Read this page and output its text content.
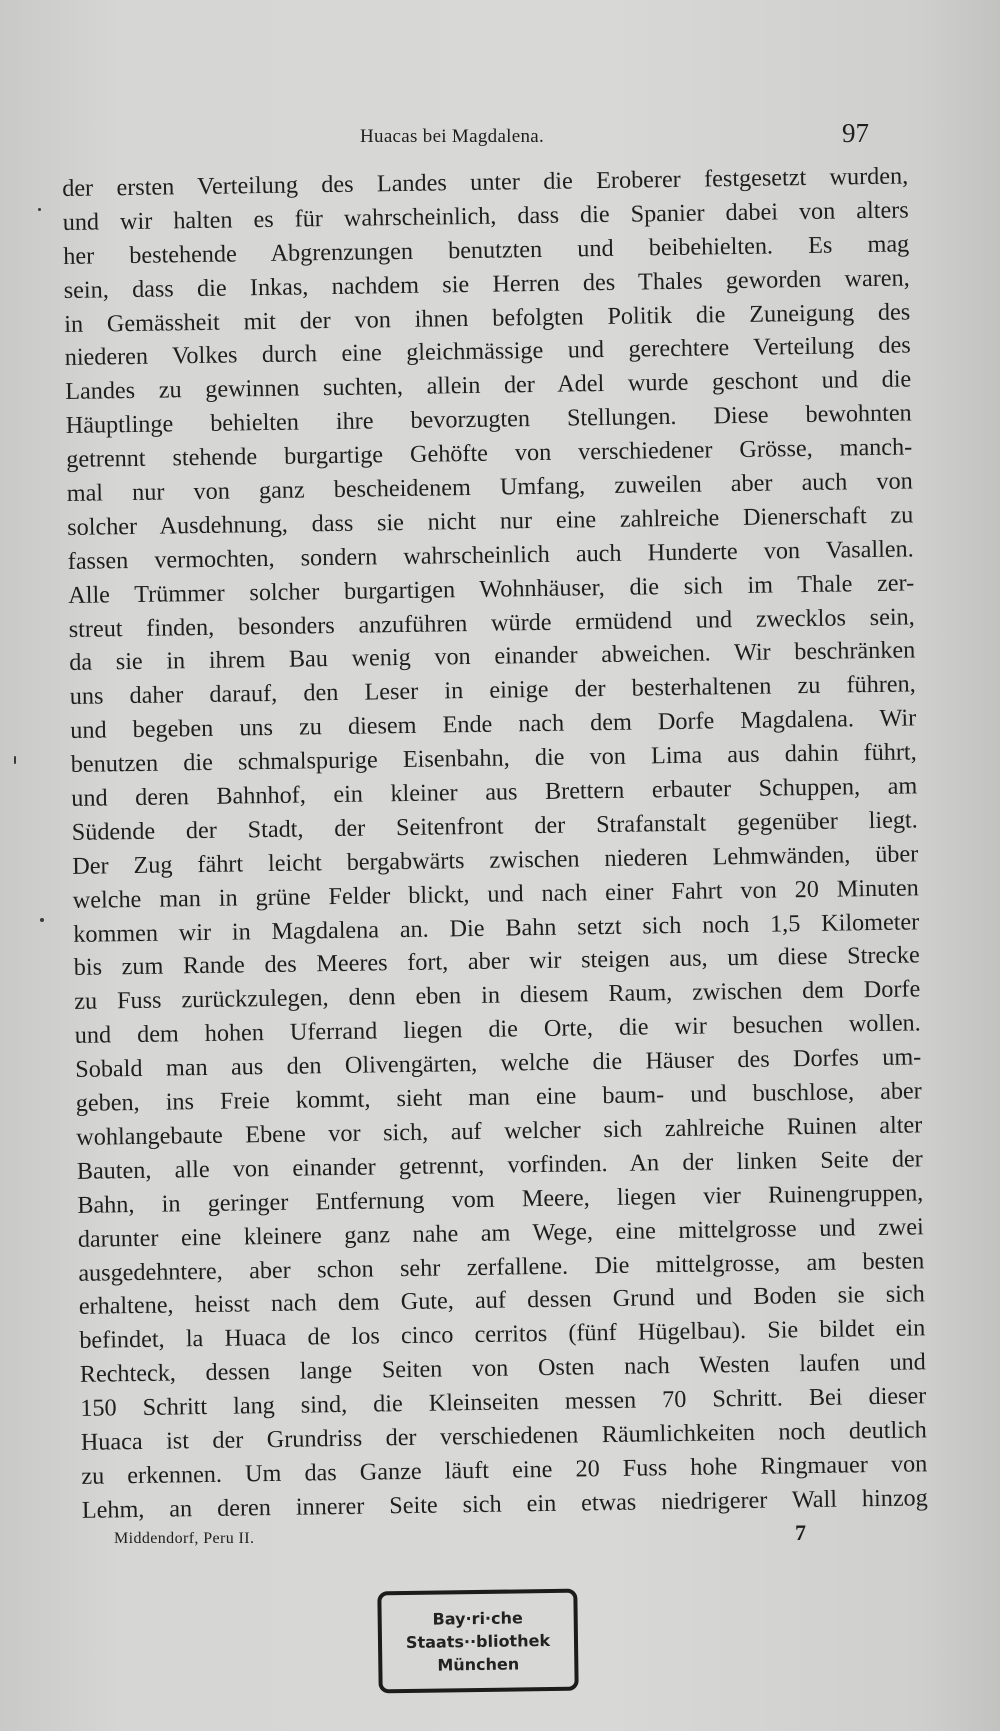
Huacas bei Magdalena.	97
der ersten Verteilung des Landes unter die Eroberer festgesetzt wurden,
und wir halten es für wahrscheinlich, dass die Spanier dabei von alters
her bestehende Abgrenzungen benutzten und beibehielten. Es mag
sein, dass die Inkas, nachdem sie Herren des Thales geworden waren,
in Gemässheit mit der von ihnen befolgten Politik die Zuneigung des
niederen Volkes durch eine gleichmässige und gerechtere Verteilung des
Landes zu gewinnen suchten, allein der Adel wurde geschont und die
Häuptlinge behielten ihre bevorzugten Stellungen. Diese bewohnten
getrennt stehende burgartige Gehöfte von verschiedener Grösse, manch-
mal nur von ganz bescheidenem Umfang, zuweilen aber auch von
solcher Ausdehnung, dass sie nicht nur eine zahlreiche Dienerschaft zu
fassen vermochten, sondern wahrscheinlich auch Hunderte von Vasallen.
Alle Trümmer solcher burgartigen Wohnhäuser, die sich im Thale zer-
streut finden, besonders anzuführen würde ermüdend und zwecklos sein,
da sie in ihrem Bau wenig von einander abweichen. Wir beschränken
uns daher darauf, den Leser in einige der besterhaltenen zu führen,
und begeben uns zu diesem Ende nach dem Dorfe Magdalena. Wir
benutzen die schmalspurige Eisenbahn, die von Lima aus dahin führt,
und deren Bahnhof, ein kleiner aus Brettern erbauter Schuppen, am
Südende der Stadt, der Seitenfront der Strafanstalt gegenüber liegt.
Der Zug fährt leicht bergabwärts zwischen niederen Lehmwänden, über
welche man in grüne Felder blickt, und nach einer Fahrt von 20 Minuten
kommen wir in Magdalena an. Die Bahn setzt sich noch 1,5 Kilometer
bis zum Rande des Meeres fort, aber wir steigen aus, um diese Strecke
zu Fuss zurückzulegen, denn eben in diesem Raum, zwischen dem Dorfe
und dem hohen Uferrand liegen die Orte, die wir besuchen wollen.
Sobald man aus den Olivengärten, welche die Häuser des Dorfes um-
geben, ins Freie kommt, sieht man eine baum- und buschlose, aber
wohlangebaute Ebene vor sich, auf welcher sich zahlreiche Ruinen alter
Bauten, alle von einander getrennt, vorfinden. An der linken Seite der
Bahn, in geringer Entfernung vom Meere, liegen vier Ruinengruppen,
darunter eine kleinere ganz nahe am Wege, eine mittelgrosse und zwei
ausgedehntere, aber schon sehr zerfallene. Die mittelgrosse, am besten
erhaltene, heisst nach dem Gute, auf dessen Grund und Boden sie sich
befindet, la Huaca de los cinco cerritos (fünf Hügelbau). Sie bildet ein
Rechteck, dessen lange Seiten von Osten nach Westen laufen und
150 Schritt lang sind, die Kleinseiten messen 70 Schritt. Bei dieser
Huaca ist der Grundriss der verschiedenen Räumlichkeiten noch deutlich
zu erkennen. Um das Ganze läuft eine 20 Fuss hohe Ringmauer von
Lehm, an deren innerer Seite sich ein etwas niedrigerer Wall hinzog
Middendorf, Peru II.	7
Bay·ri·che
Staats··bliothek
München
